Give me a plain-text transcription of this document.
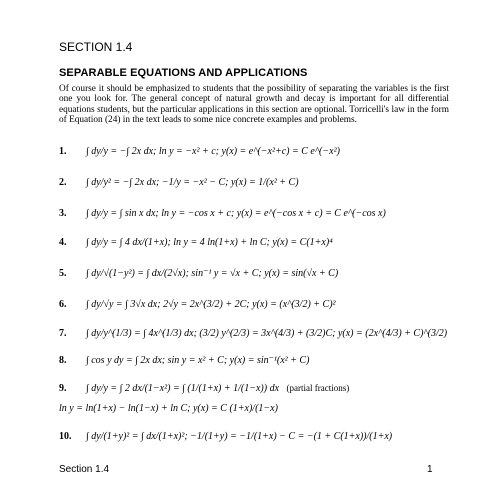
SECTION 1.4
SEPARABLE EQUATIONS AND APPLICATIONS
Of course it should be emphasized to students that the possibility of separating the variables is the first one you look for. The general concept of natural growth and decay is important for all differential equations students, but the particular applications in this section are optional. Torricelli's law in the form of Equation (24) in the text leads to some nice concrete examples and problems.
1. ∫ dy/y = −∫ 2x dx; ln y = −x² + c; y(x) = e^(−x²+c) = C e^(−x²)
2. ∫ dy/y² = −∫ 2x dx; −1/y = −x² − C; y(x) = 1/(x² + C)
3. ∫ dy/y = ∫ sin x dx; ln y = −cos x + c; y(x) = e^(−cos x + c) = C e^(−cos x)
4. ∫ dy/y = ∫ 4 dx/(1+x); ln y = 4 ln(1+x) + ln C; y(x) = C(1+x)⁴
5. ∫ dy/√(1−y²) = ∫ dx/(2√x); sin⁻¹ y = √x + C; y(x) = sin(√x + C)
6. ∫ dy/√y = ∫ 3√x dx; 2√y = 2x^(3/2) + 2C; y(x) = (x^(3/2) + C)²
7. ∫ dy/y^(1/3) = ∫ 4x^(1/3) dx; (3/2) y^(2/3) = 3x^(4/3) + (3/2)C; y(x) = (2x^(4/3) + C)^(3/2)
8. ∫ cos y dy = ∫ 2x dx; sin y = x² + C; y(x) = sin⁻¹(x² + C)
9. ∫ dy/y = ∫ 2 dx/(1−x²) = ∫ (1/(1+x) + 1/(1−x)) dx (partial fractions)
ln y = ln(1+x) − ln(1−x) + ln C; y(x) = C (1+x)/(1−x)
10. ∫ dy/(1+y)² = ∫ dx/(1+x)²; −1/(1+y) = −1/(1+x) − C = −(1 + C(1+x))/(1+x)
Section 1.4	1
